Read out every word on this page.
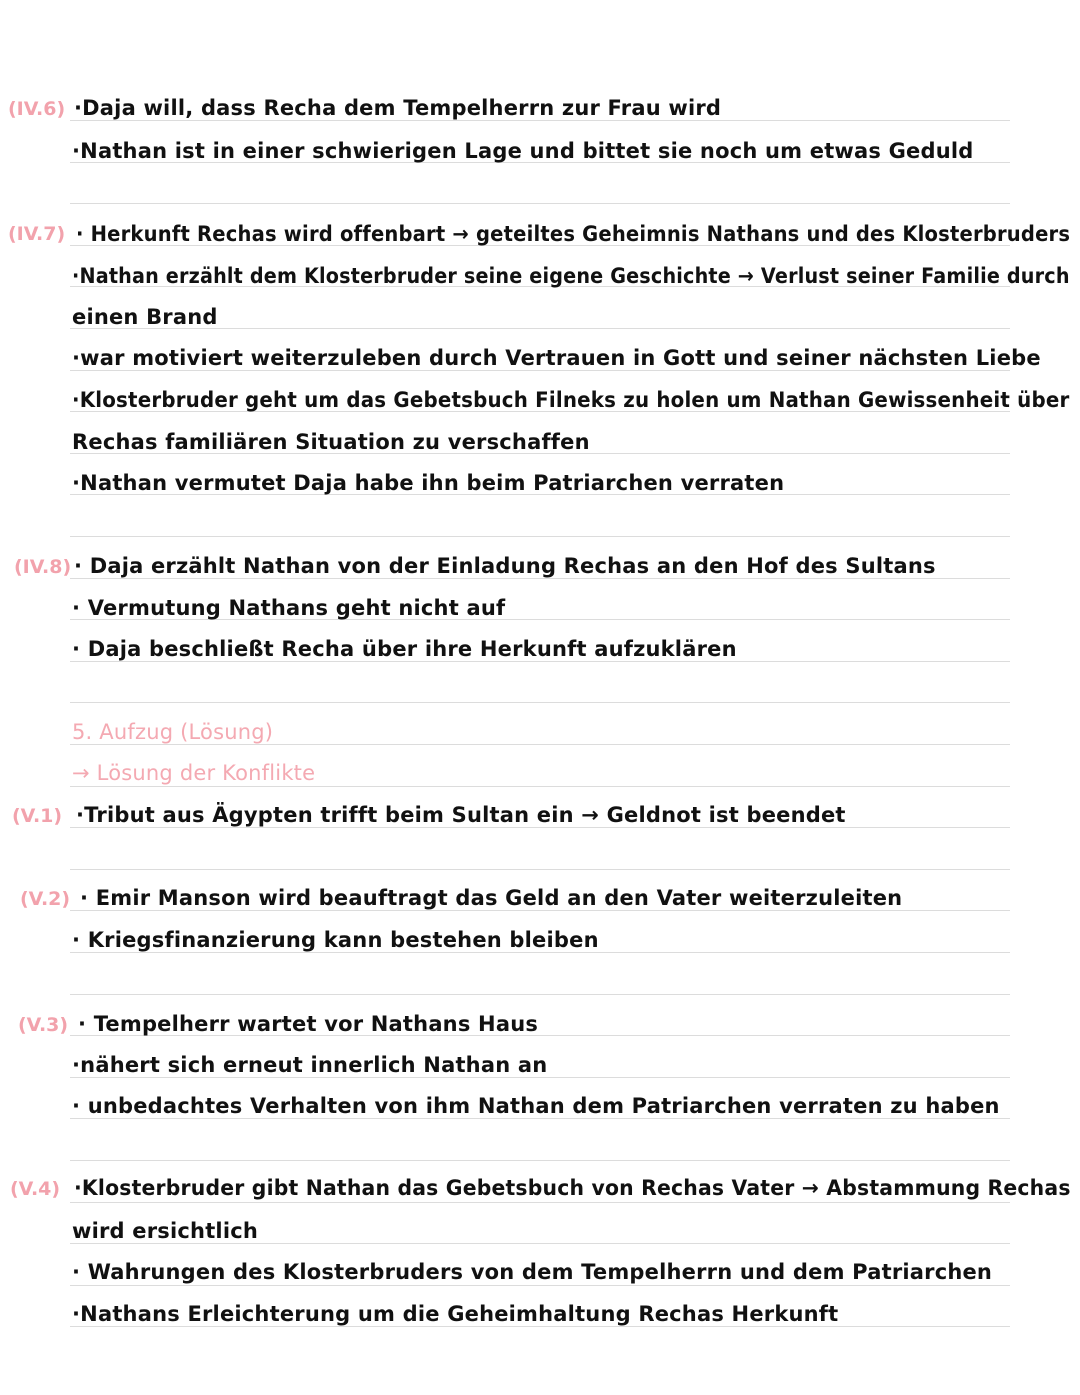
(IV.6) ·Daja will, dass Recha dem Tempelherrn zur Frau wird
·Nathan ist in einer schwierigen Lage und bittet sie noch um etwas Geduld
(IV.7) · Herkunft Rechas wird offenbart → geteiltes Geheimnis Nathans und des Klosterbruders
·Nathan erzählt dem Klosterbruder seine eigene Geschichte → Verlust seiner Familie durch
einen Brand
·war motiviert weiterzuleben durch Vertrauen in Gott und seiner nächsten Liebe
·Klosterbruder geht um das Gebetsbuch Filneks zu holen um Nathan Gewissenheit über
Rechas familiären Situation zu verschaffen
·Nathan vermutet Daja habe ihn beim Patriarchen verraten
(IV.8) · Daja erzählt Nathan von der Einladung Rechas an den Hof des Sultans
· Vermutung Nathans geht nicht auf
· Daja beschließt Recha über ihre Herkunft aufzuklären
5. Aufzug (Lösung)
→ Lösung der Konflikte
(V.1) ·Tribut aus Ägypten trifft beim Sultan ein → Geldnot ist beendet
(V.2) · Emir Manson wird beauftragt das Geld an den Vater weiterzuleiten
· Kriegsfinanzierung kann bestehen bleiben
(V.3) · Tempelherr wartet vor Nathans Haus
·nähert sich erneut innerlich Nathan an
· unbedachtes Verhalten von ihm Nathan dem Patriarchen verraten zu haben
(V.4) ·Klosterbruder gibt Nathan das Gebetsbuch von Rechas Vater → Abstammung Rechas
wird ersichtlich
· Wahrungen des Klosterbruders von dem Tempelherrn und dem Patriarchen
·Nathans Erleichterung um die Geheimhaltung Rechas Herkunft
